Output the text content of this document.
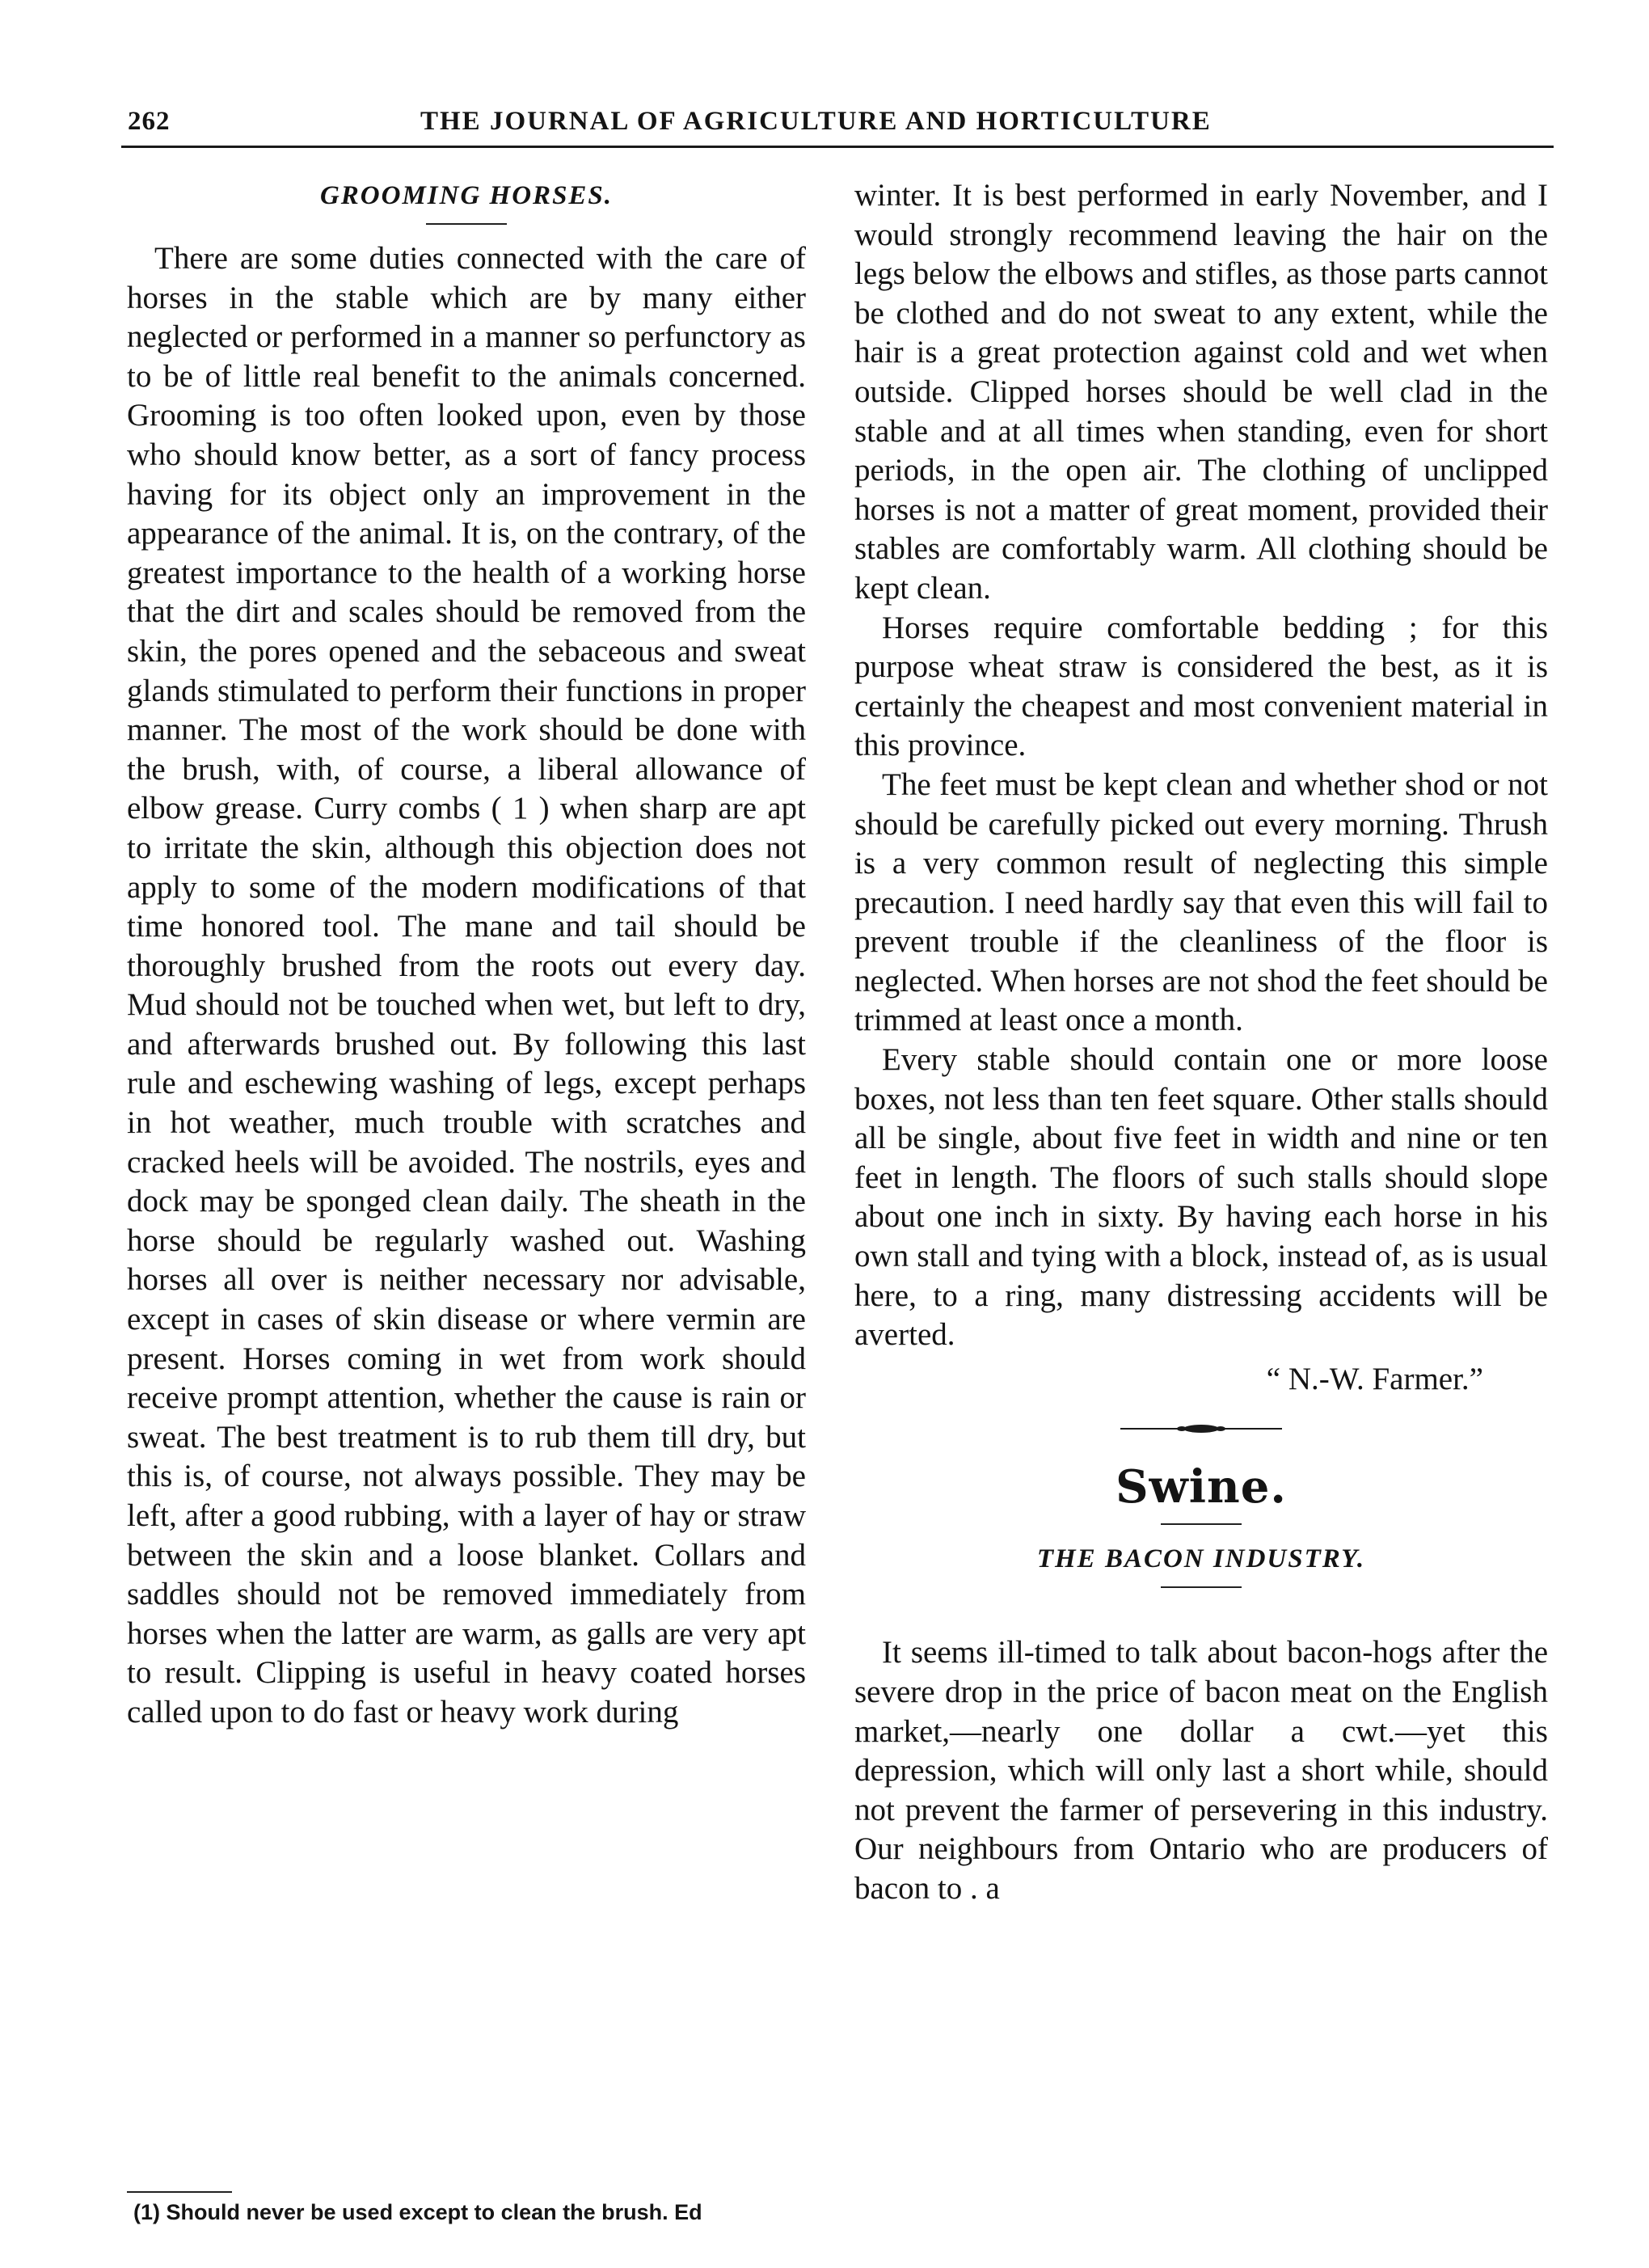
262	THE JOURNAL OF AGRICULTURE AND HORTICULTURE
GROOMING HORSES.

There are some duties connected with the care of horses in the stable which are by many either neglected or performed in a manner so perfunctory as to be of little real benefit to the animals concerned. Grooming is too often looked upon, even by those who should know better, as a sort of fancy process having for its object only an improvement in the appearance of the animal. It is, on the contrary, of the greatest importance to the health of a working horse that the dirt and scales should be removed from the skin, the pores opened and the sebaceous and sweat glands stimulated to perform their functions in proper manner. The most of the work should be done with the brush, with, of course, a liberal allowance of elbow grease. Curry combs ( 1 ) when sharp are apt to irritate the skin, although this objection does not apply to some of the modern modifications of that time honored tool. The mane and tail should be thoroughly brushed from the roots out every day. Mud should not be touched when wet, but left to dry, and afterwards brushed out. By following this last rule and eschewing washing of legs, except perhaps in hot weather, much trouble with scratches and cracked heels will be avoided. The nostrils, eyes and dock may be sponged clean daily. The sheath in the horse should be regularly washed out. Washing horses all over is neither necessary nor advisable, except in cases of skin disease or where vermin are present. Horses coming in wet from work should receive prompt attention, whether the cause is rain or sweat. The best treatment is to rub them till dry, but this is, of course, not always possible. They may be left, after a good rubbing, with a layer of hay or straw between the skin and a loose blanket. Collars and saddles should not be removed immediately from horses when the latter are warm, as galls are very apt to result. Clipping is useful in heavy coated horses called upon to do fast or heavy work during

winter. It is best performed in early November, and I would strongly recommend leaving the hair on the legs below the elbows and stifles, as those parts cannot be clothed and do not sweat to any extent, while the hair is a great protection against cold and wet when outside. Clipped horses should be well clad in the stable and at all times when standing, even for short periods, in the open air. The clothing of unclipped horses is not a matter of great moment, provided their stables are comfortably warm. All clothing should be kept clean.

Horses require comfortable bedding ; for this purpose wheat straw is considered the best, as it is certainly the cheapest and most convenient material in this province.

The feet must be kept clean and whether shod or not should be carefully picked out every morning. Thrush is a very common result of neglecting this simple precaution. I need hardly say that even this will fail to prevent trouble if the cleanliness of the floor is neglected. When horses are not shod the feet should be trimmed at least once a month.

Every stable should contain one or more loose boxes, not less than ten feet square. Other stalls should all be single, about five feet in width and nine or ten feet in length. The floors of such stalls should slope about one inch in sixty. By having each horse in his own stall and tying with a block, instead of, as is usual here, to a ring, many distressing accidents will be averted.

“ N.-W. Farmer.”
Swine.
THE BACON INDUSTRY.

It seems ill-timed to talk about bacon-hogs after the severe drop in the price of bacon meat on the English market,—nearly one dollar a cwt.—yet this depression, which will only last a short while, should not prevent the farmer of persevering in this industry. Our neighbours from Ontario who are producers of bacon to . a

(1) Should never be used except to clean the brush. Ed
